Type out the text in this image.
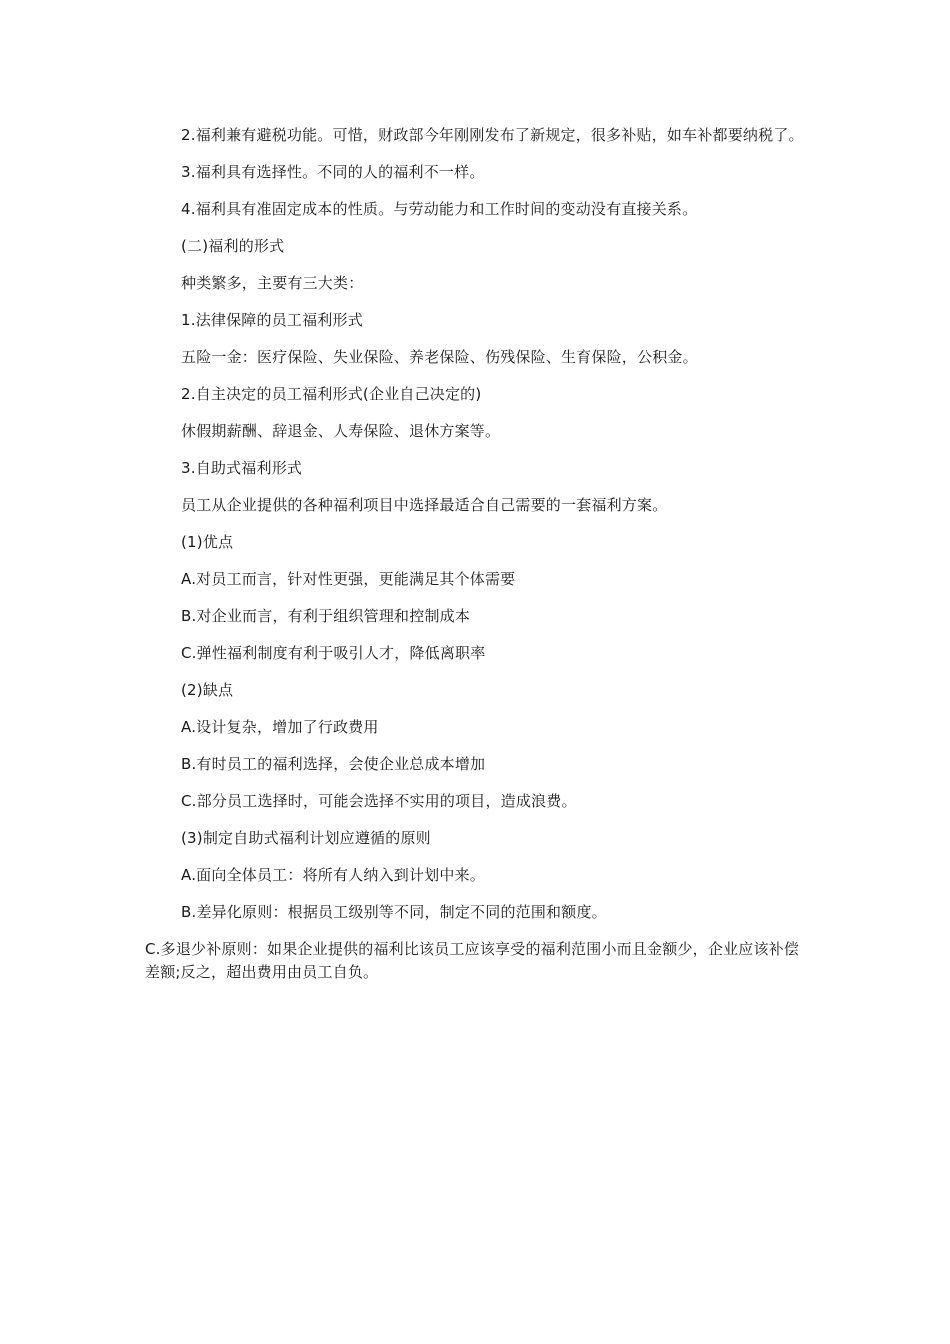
2.福利兼有避税功能。可惜，财政部今年刚刚发布了新规定，很多补贴，如车补都要纳税了。

3.福利具有选择性。不同的人的福利不一样。

4.福利具有准固定成本的性质。与劳动能力和工作时间的变动没有直接关系。

(二)福利的形式

种类繁多，主要有三大类：

1.法律保障的员工福利形式

五险一金：医疗保险、失业保险、养老保险、伤残保险、生育保险，公积金。

2.自主决定的员工福利形式(企业自己决定的)

休假期薪酬、辞退金、人寿保险、退休方案等。

3.自助式福利形式

员工从企业提供的各种福利项目中选择最适合自己需要的一套福利方案。

(1)优点

A.对员工而言，针对性更强，更能满足其个体需要

B.对企业而言，有利于组织管理和控制成本

C.弹性福利制度有利于吸引人才，降低离职率

(2)缺点

A.设计复杂，增加了行政费用

B.有时员工的福利选择，会使企业总成本增加

C.部分员工选择时，可能会选择不实用的项目，造成浪费。

(3)制定自助式福利计划应遵循的原则

A.面向全体员工：将所有人纳入到计划中来。

B.差异化原则：根据员工级别等不同，制定不同的范围和额度。

C.多退少补原则：如果企业提供的福利比该员工应该享受的福利范围小而且金额少，企业应该补偿差额;反之，超出费用由员工自负。
